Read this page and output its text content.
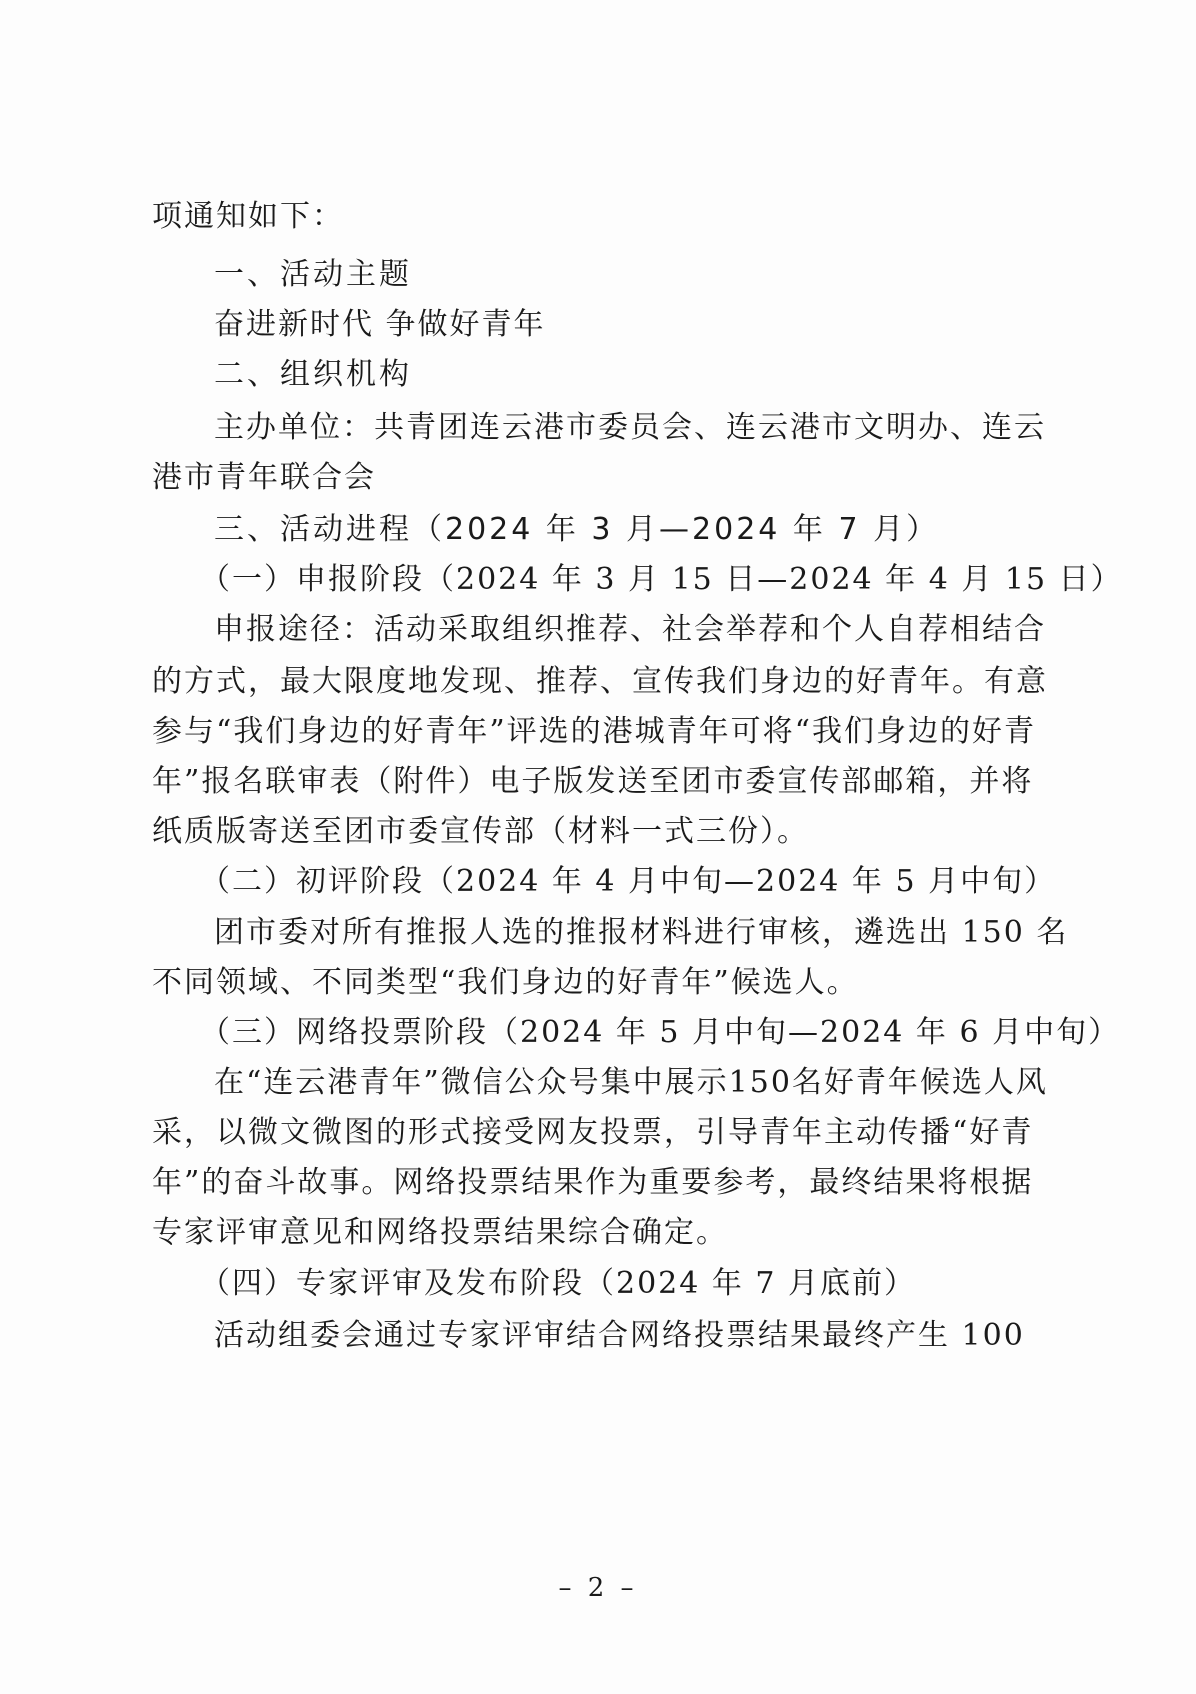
项通知如下：
一、活动主题
奋进新时代 争做好青年
二、组织机构
主办单位：共青团连云港市委员会、连云港市文明办、连云
港市青年联合会
三、活动进程（2024 年 3 月—2024 年 7 月）
（一）申报阶段（2024 年 3 月 15 日—2024 年 4 月 15 日）
申报途径：活动采取组织推荐、社会举荐和个人自荐相结合
的方式，最大限度地发现、推荐、宣传我们身边的好青年。有意
参与“我们身边的好青年”评选的港城青年可将“我们身边的好青
年”报名联审表（附件）电子版发送至团市委宣传部邮箱，并将
纸质版寄送至团市委宣传部（材料一式三份）。
（二）初评阶段（2024 年 4 月中旬—2024 年 5 月中旬）
团市委对所有推报人选的推报材料进行审核，遴选出 150 名
不同领域、不同类型“我们身边的好青年”候选人。
（三）网络投票阶段（2024 年 5 月中旬—2024 年 6 月中旬）
在“连云港青年”微信公众号集中展示150名好青年候选人风
采，以微文微图的形式接受网友投票，引导青年主动传播“好青
年”的奋斗故事。网络投票结果作为重要参考，最终结果将根据
专家评审意见和网络投票结果综合确定。
（四）专家评审及发布阶段（2024 年 7 月底前）
活动组委会通过专家评审结合网络投票结果最终产生 100
– 2 –
